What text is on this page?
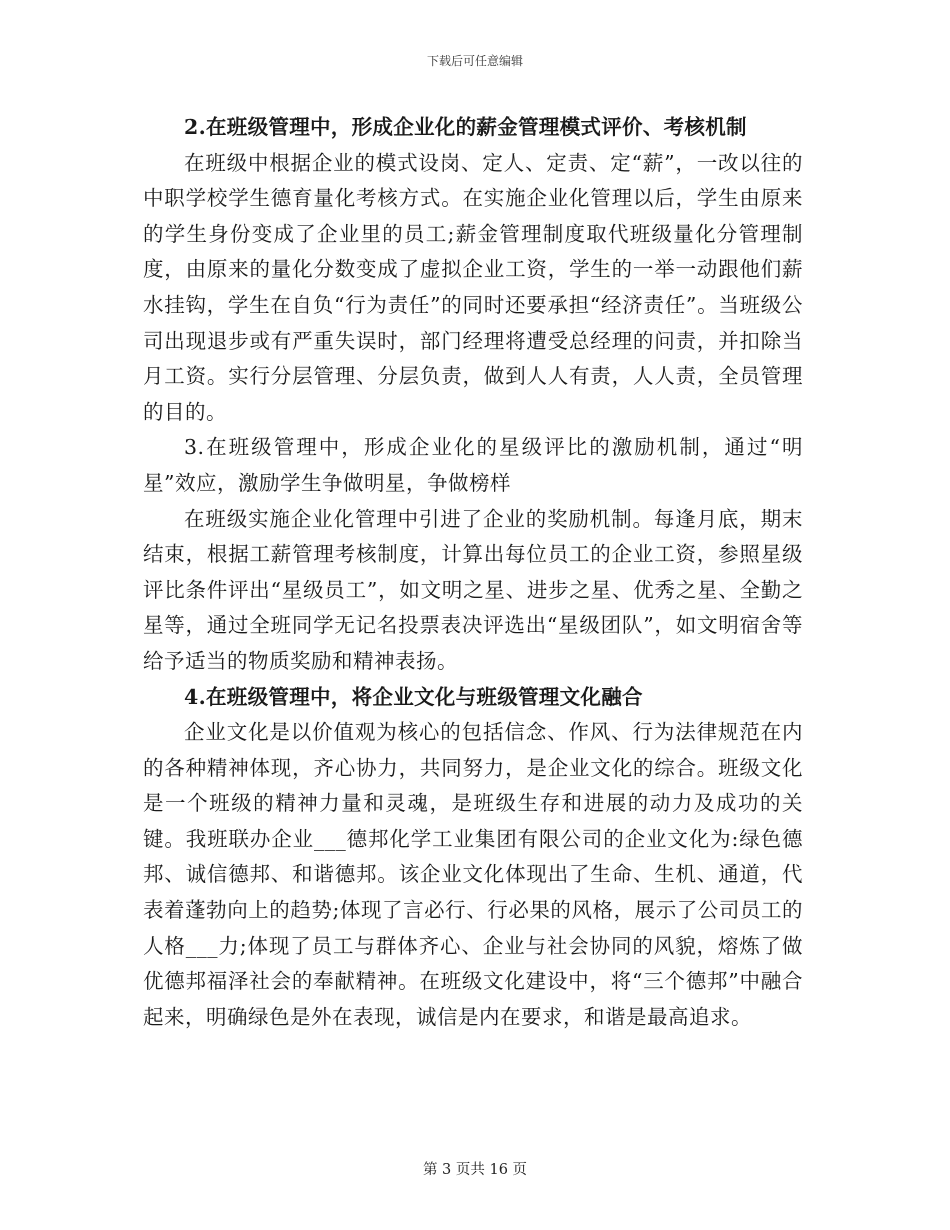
下载后可任意编辑

2.在班级管理中，形成企业化的薪金管理模式评价、考核机制

在班级中根据企业的模式设岗、定人、定责、定“薪”，一改以往的中职学校学生德育量化考核方式。在实施企业化管理以后，学生由原来的学生身份变成了企业里的员工;薪金管理制度取代班级量化分管理制度，由原来的量化分数变成了虚拟企业工资，学生的一举一动跟他们薪水挂钩，学生在自负“行为责任”的同时还要承担“经济责任”。当班级公司出现退步或有严重失误时，部门经理将遭受总经理的问责，并扣除当月工资。实行分层管理、分层负责，做到人人有责，人人责，全员管理的目的。

3.在班级管理中，形成企业化的星级评比的激励机制，通过“明星”效应，激励学生争做明星，争做榜样

在班级实施企业化管理中引进了企业的奖励机制。每逢月底，期末结束，根据工薪管理考核制度，计算出每位员工的企业工资，参照星级评比条件评出“星级员工”，如文明之星、进步之星、优秀之星、全勤之星等，通过全班同学无记名投票表决评选出“星级团队”，如文明宿舍等给予适当的物质奖励和精神表扬。

4.在班级管理中，将企业文化与班级管理文化融合

企业文化是以价值观为核心的包括信念、作风、行为法律规范在内的各种精神体现，齐心协力，共同努力，是企业文化的综合。班级文化是一个班级的精神力量和灵魂，是班级生存和进展的动力及成功的关键。我班联办企业___德邦化学工业集团有限公司的企业文化为:绿色德邦、诚信德邦、和谐德邦。该企业文化体现出了生命、生机、通道，代表着蓬勃向上的趋势;体现了言必行、行必果的风格，展示了公司员工的人格___力;体现了员工与群体齐心、企业与社会协同的风貌，熔炼了做优德邦福泽社会的奉献精神。在班级文化建设中，将“三个德邦”中融合起来，明确绿色是外在表现，诚信是内在要求，和谐是最高追求。

第 3 页共 16 页
